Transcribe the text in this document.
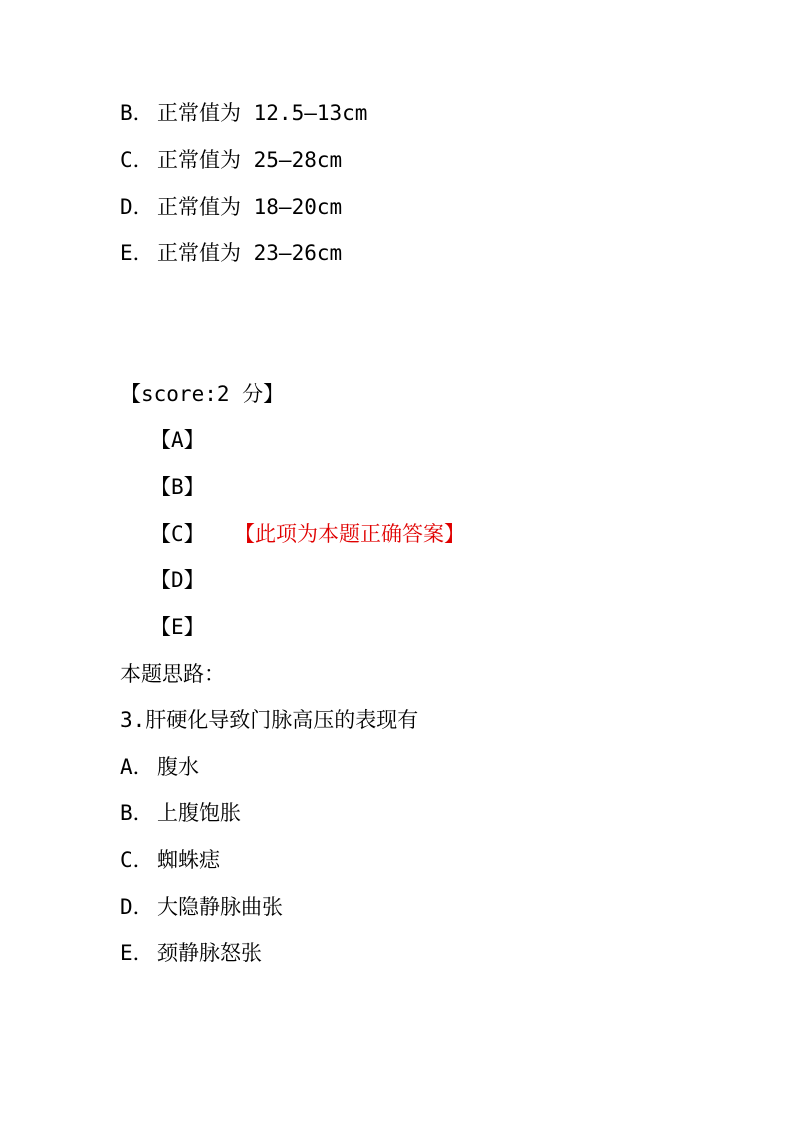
B． 正常值为 12.5—13cm
C． 正常值为 25—28cm
D． 正常值为 18—20cm
E． 正常值为 23—26cm
【score:2 分】
【A】
【B】
【C】 【此项为本题正确答案】
【D】
【E】
本题思路：
3.肝硬化导致门脉高压的表现有
A． 腹水
B． 上腹饱胀
C． 蜘蛛痣
D． 大隐静脉曲张
E． 颈静脉怒张
